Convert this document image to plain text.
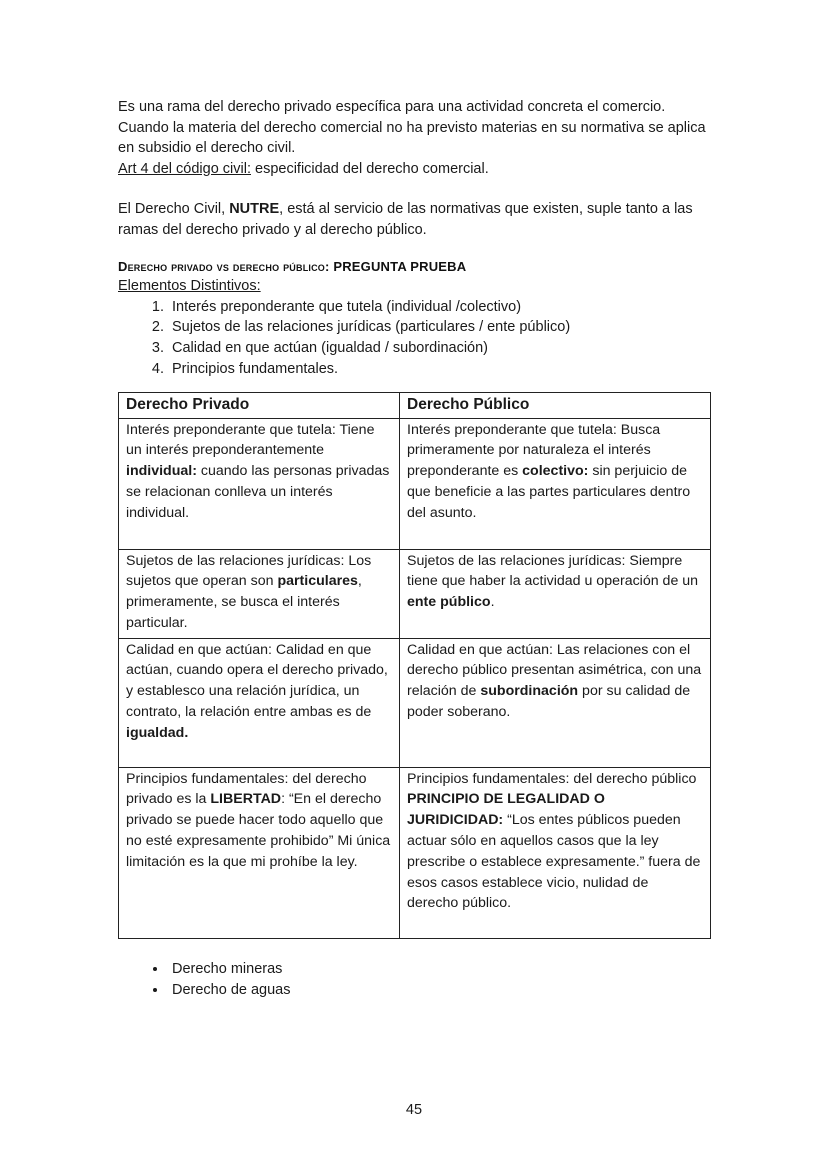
Es una rama del derecho privado específica para una actividad concreta el comercio. Cuando la materia del derecho comercial no ha previsto materias en su normativa se aplica en subsidio el derecho civil.

Art 4 del código civil: especificidad del derecho comercial.

El Derecho Civil, NUTRE, está al servicio de las normativas que existen, suple tanto a las ramas del derecho privado y al derecho público.

Derecho privado vs derecho público: PREGUNTA PRUEBA

Elementos Distintivos:

1. Interés preponderante que tutela (individual /colectivo)
2. Sujetos de las relaciones jurídicas (particulares / ente público)
3. Calidad en que actúan (igualdad / subordinación)
4. Principios fundamentales.
Derecho Privado	Derecho Público
Interés preponderante que tutela: Tiene un interés preponderantemente individual: cuando las personas privadas se relacionan conlleva un interés individual.	Interés preponderante que tutela: Busca primeramente por naturaleza el interés preponderante es colectivo: sin perjuicio de que beneficie a las partes particulares dentro del asunto.
Sujetos de las relaciones jurídicas: Los sujetos que operan son particulares, primeramente, se busca el interés particular.	Sujetos de las relaciones jurídicas: Siempre tiene que haber la actividad u operación de un ente público.
Calidad en que actúan: Calidad en que actúan, cuando opera el derecho privado, y establesco una relación jurídica, un contrato, la relación entre ambas es de igualdad.	Calidad en que actúan: Las relaciones con el derecho público presentan asimétrica, con una relación de subordinación por su calidad de poder soberano.
Principios fundamentales: del derecho privado es la LIBERTAD: “En el derecho privado se puede hacer todo aquello que no esté expresamente prohibido” Mi única limitación es la que mi prohíbe la ley.	Principios fundamentales: del derecho público PRINCIPIO DE LEGALIDAD O JURIDICIDAD: “Los entes públicos pueden actuar sólo en aquellos casos que la ley prescribe o establece expresamente.” fuera de esos casos establece vicio, nulidad de derecho público.
• Derecho mineras
• Derecho de aguas
45
